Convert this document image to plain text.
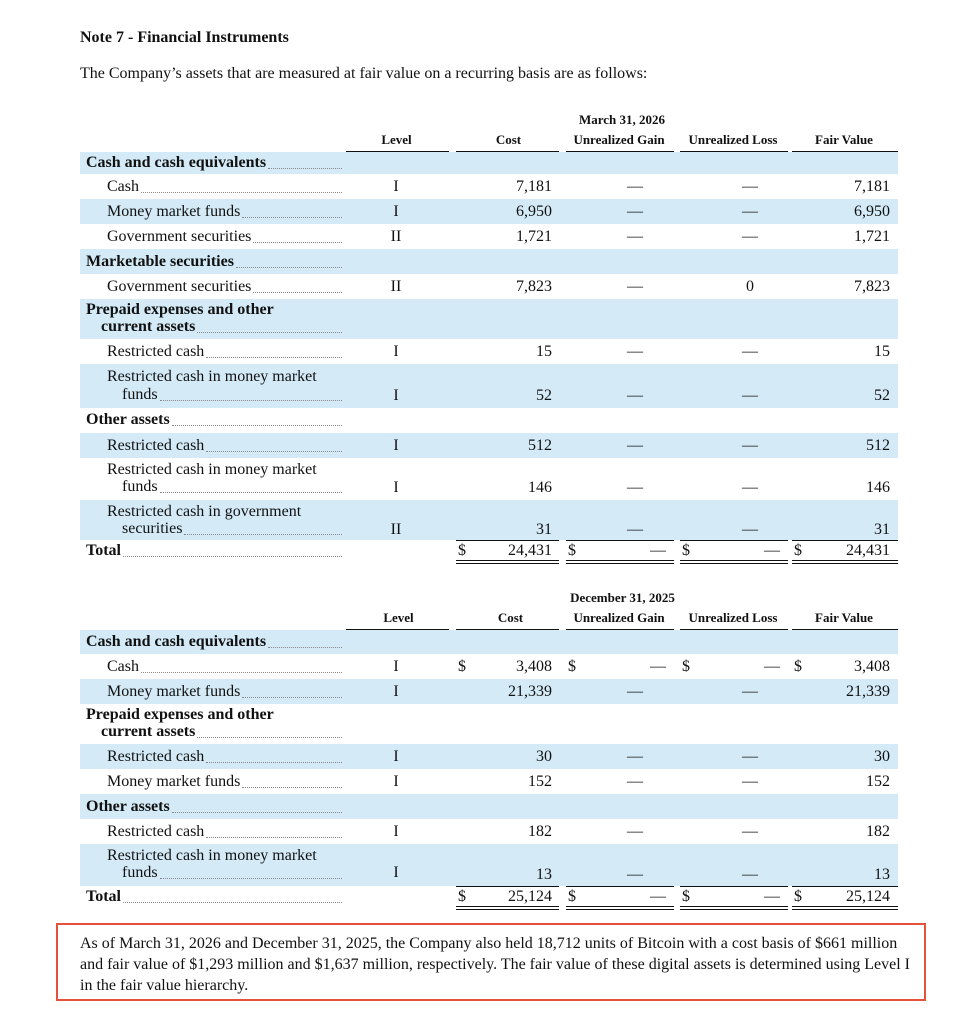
Note 7 - Financial Instruments
The Company’s assets that are measured at fair value on a recurring basis are as follows:
March 31, 2026
Level	Cost	Unrealized Gain	Unrealized Loss	Fair Value
Cash and cash equivalents
Cash	I	7,181	—	—	7,181
Money market funds	I	6,950	—	—	6,950
Government securities	II	1,721	—	—	1,721
Marketable securities
Government securities	II	7,823	—	0	7,823
Prepaid expenses and other
current assets
Restricted cash	I	15	—	—	15
Restricted cash in money market
funds	I	52	—	—	52
Other assets
Restricted cash	I	512	—	—	512
Restricted cash in money market
funds	I	146	—	—	146
Restricted cash in government
securities	II	31	—	—	31
Total	$	24,431 $	— $	— $	24,431
December 31, 2025
Level	Cost	Unrealized Gain	Unrealized Loss	Fair Value
Cash and cash equivalents
Cash	I	$	3,408 $	— $	— $	3,408
Money market funds	I	21,339	—	—	21,339
Prepaid expenses and other
current assets
Restricted cash	I	30	—	—	30
Money market funds	I	152	—	—	152
Other assets
Restricted cash	I	182	—	—	182
Restricted cash in money market
funds	I	13	—	—	13
Total	$	25,124 $	— $	— $	25,124
As of March 31, 2026 and December 31, 2025, the Company also held 18,712 units of Bitcoin with a cost basis of $661 million and fair value of $1,293 million and $1,637 million, respectively. The fair value of these digital assets is determined using Level I in the fair value hierarchy.
